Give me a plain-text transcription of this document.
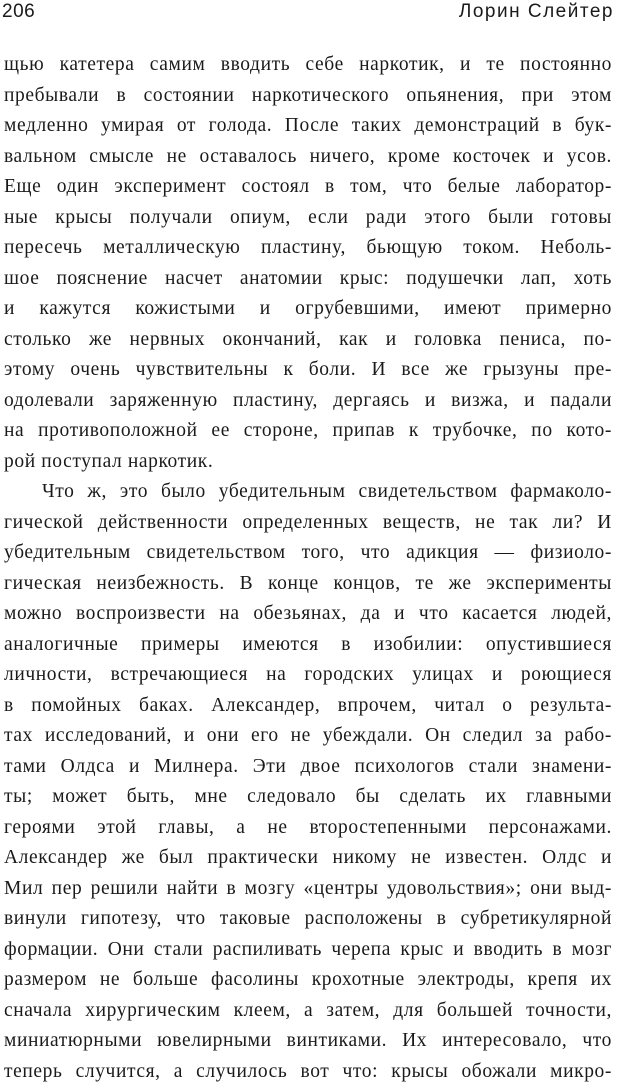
206	Лорин Слейтер
щью катетера самим вводить себе наркотик, и те постоянно
пребывали в состоянии наркотического опьянения, при этом
медленно умирая от голода. После таких демонстраций в бук-
вальном смысле не оставалось ничего, кроме косточек и усов.
Еще один эксперимент состоял в том, что белые лаборатор-
ные крысы получали опиум, если ради этого были готовы
пересечь металлическую пластину, бьющую током. Неболь-
шое пояснение насчет анатомии крыс: подушечки лап, хоть
и кажутся кожистыми и огрубевшими, имеют примерно
столько же нервных окончаний, как и головка пениса, по-
этому очень чувствительны к боли. И все же грызуны пре-
одолевали заряженную пластину, дергаясь и визжа, и падали
на противоположной ее стороне, припав к трубочке, по кото-
рой поступал наркотик.
Что ж, это было убедительным свидетельством фармаколо-
гической действенности определенных веществ, не так ли? И
убедительным свидетельством того, что адикция — физиоло-
гическая неизбежность. В конце концов, те же эксперименты
можно воспроизвести на обезьянах, да и что касается людей,
аналогичные примеры имеются в изобилии: опустившиеся
личности, встречающиеся на городских улицах и роющиеся
в помойных баках. Александер, впрочем, читал о результа-
тах исследований, и они его не убеждали. Он следил за рабо-
тами Олдса и Милнера. Эти двое психологов стали знамени-
ты; может быть, мне следовало бы сделать их главными
героями этой главы, а не второстепенными персонажами.
Александер же был практически никому не известен. Олдс и
Мил пер решили найти в мозгу «центры удовольствия»; они выд-
винули гипотезу, что таковые расположены в субретикулярной
формации. Они стали распиливать черепа крыс и вводить в мозг
размером не больше фасолины крохотные электроды, крепя их
сначала хирургическим клеем, а затем, для большей точности,
миниатюрными ювелирными винтиками. Их интересовало, что
теперь случится, а случилось вот что: крысы обожали микро-
